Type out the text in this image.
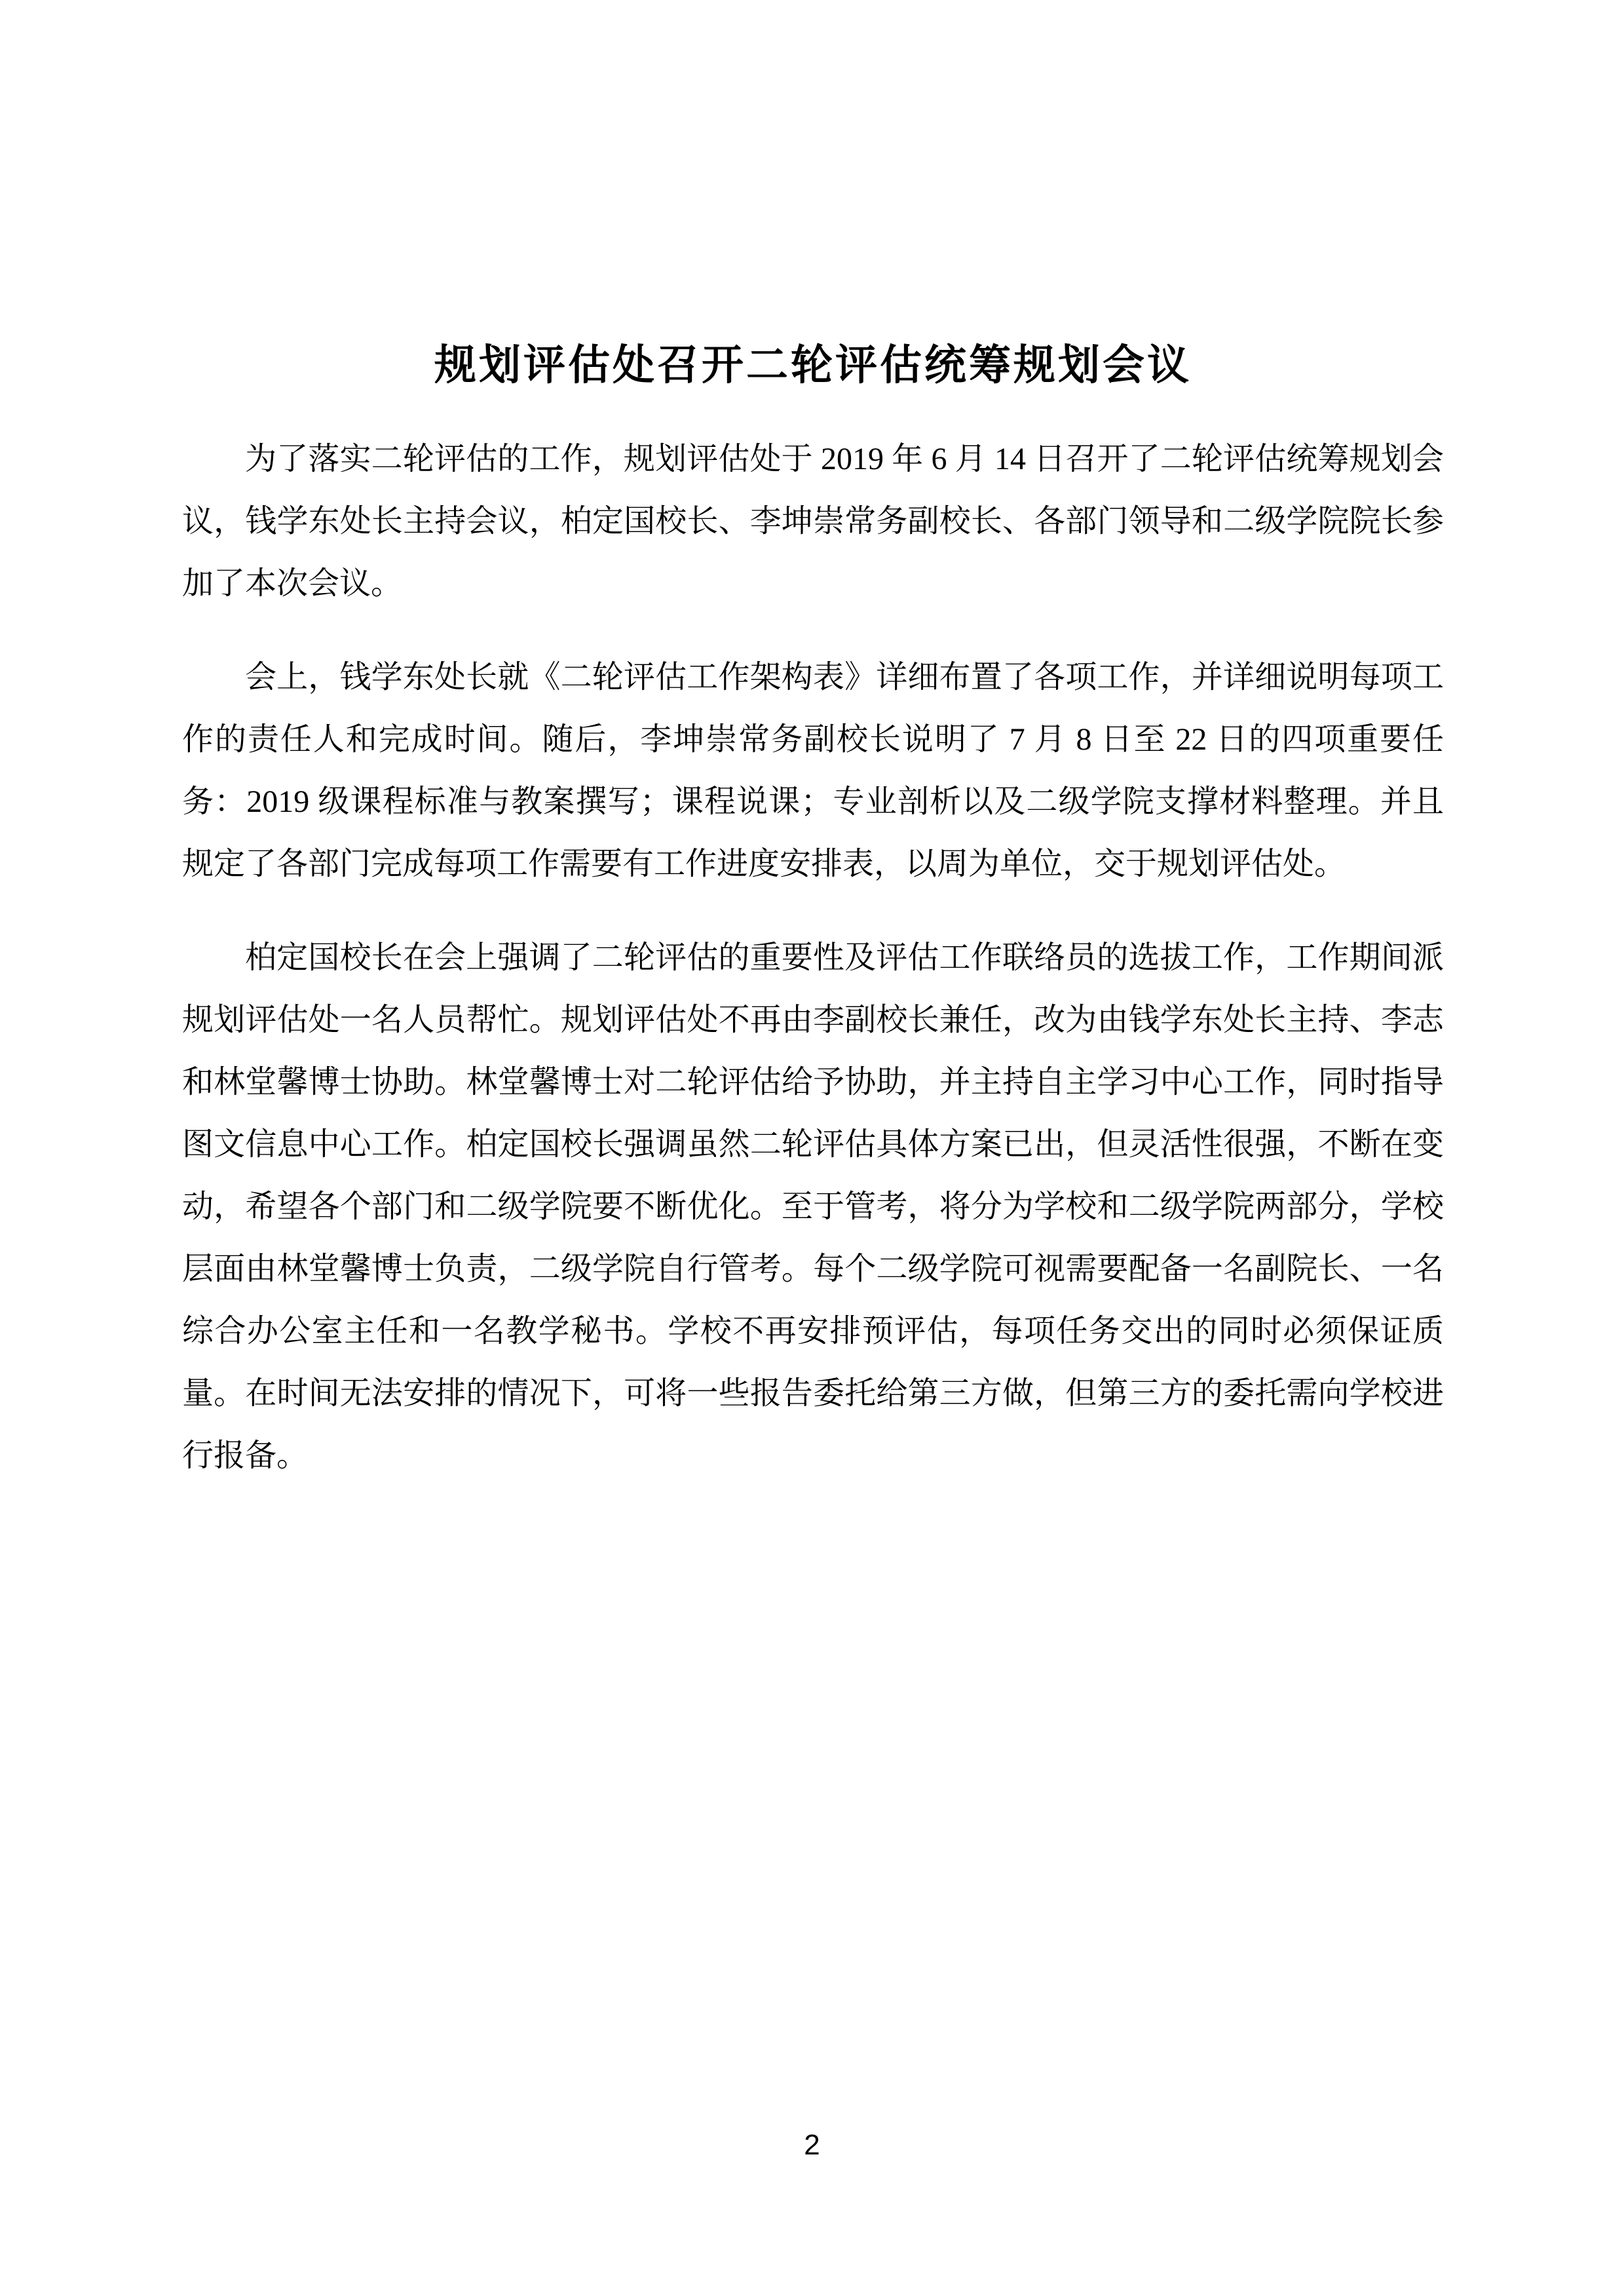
规划评估处召开二轮评估统筹规划会议

为了落实二轮评估的工作，规划评估处于 2019 年 6 月 14 日召开了二轮评估统筹规划会议，钱学东处长主持会议，柏定国校长、李坤崇常务副校长、各部门领导和二级学院院长参加了本次会议。

会上，钱学东处长就《二轮评估工作架构表》详细布置了各项工作，并详细说明每项工作的责任人和完成时间。随后，李坤崇常务副校长说明了 7 月 8 日至 22 日的四项重要任务：2019 级课程标准与教案撰写；课程说课；专业剖析以及二级学院支撑材料整理。并且规定了各部门完成每项工作需要有工作进度安排表，以周为单位，交于规划评估处。

柏定国校长在会上强调了二轮评估的重要性及评估工作联络员的选拔工作，工作期间派规划评估处一名人员帮忙。规划评估处不再由李副校长兼任，改为由钱学东处长主持、李志和林堂馨博士协助。林堂馨博士对二轮评估给予协助，并主持自主学习中心工作，同时指导图文信息中心工作。柏定国校长强调虽然二轮评估具体方案已出，但灵活性很强，不断在变动，希望各个部门和二级学院要不断优化。至于管考，将分为学校和二级学院两部分，学校层面由林堂馨博士负责，二级学院自行管考。每个二级学院可视需要配备一名副院长、一名综合办公室主任和一名教学秘书。学校不再安排预评估，每项任务交出的同时必须保证质量。在时间无法安排的情况下，可将一些报告委托给第三方做，但第三方的委托需向学校进行报备。

2
